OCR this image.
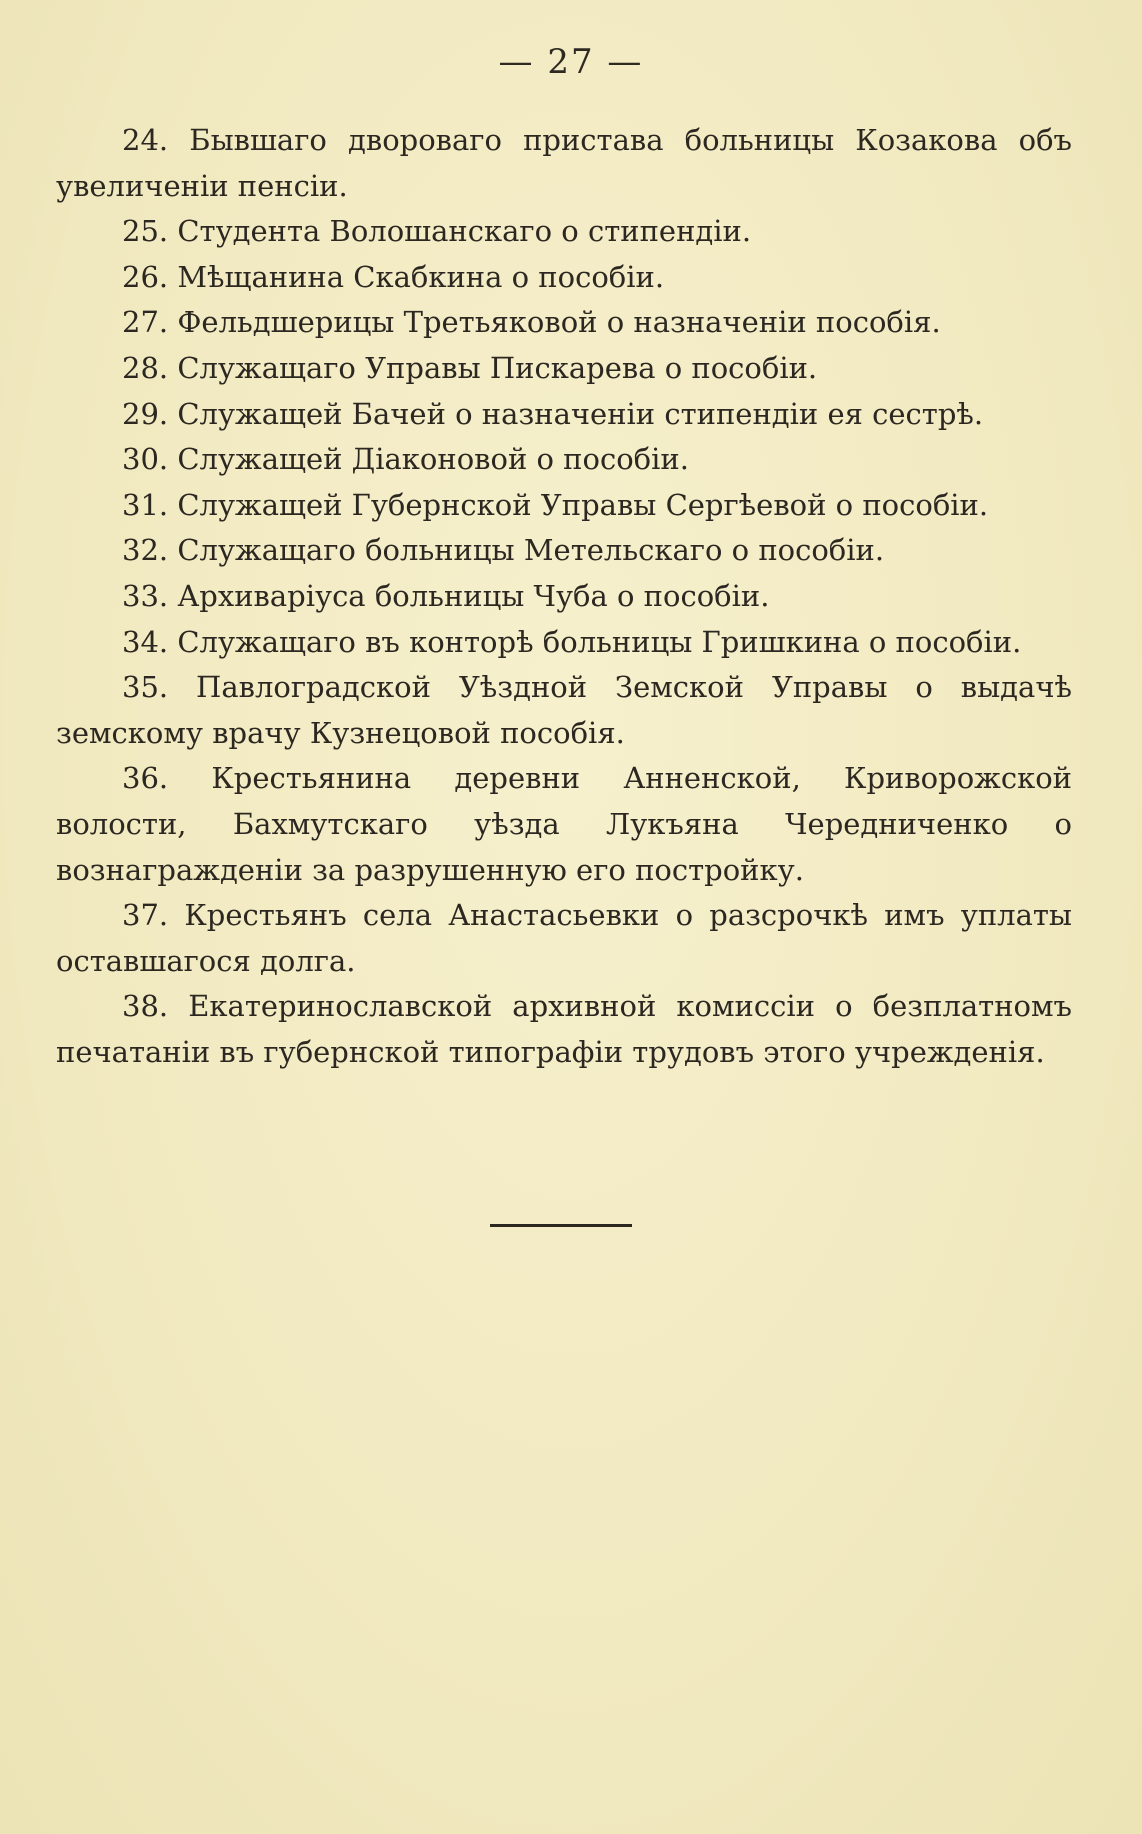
— 27 —

24. Бывшаго двороваго пристава больницы Козакова объ увеличеніи пенсіи.

25. Студента Волошанскаго о стипендіи.

26. Мѣщанина Скабкина о пособіи.

27. Фельдшерицы Третьяковой о назначеніи пособія.

28. Служащаго Управы Пискарева о пособіи.

29. Служащей Бачей о назначеніи стипендіи ея сестрѣ.

30. Служащей Діаконовой о пособіи.

31. Служащей Губернской Управы Сергѣевой о пособіи.

32. Служащаго больницы Метельскаго о пособіи.

33. Архиваріуса больницы Чуба о пособіи.

34. Служащаго въ конторѣ больницы Гришкина о пособіи.

35. Павлоградской Уѣздной Земской Управы о выдачѣ земскому врачу Кузнецовой пособія.

36. Крестьянина деревни Анненской, Криворожской волости, Бахмутскаго уѣзда Лукъяна Чередниченко о вознагражденіи за разрушенную его постройку.

37. Крестьянъ села Анастасьевки о разсрочкѣ имъ уплаты оставшагося долга.

38. Екатеринославской архивной комиссіи о безплатномъ печатаніи въ губернской типографіи трудовъ этого учрежденія.
